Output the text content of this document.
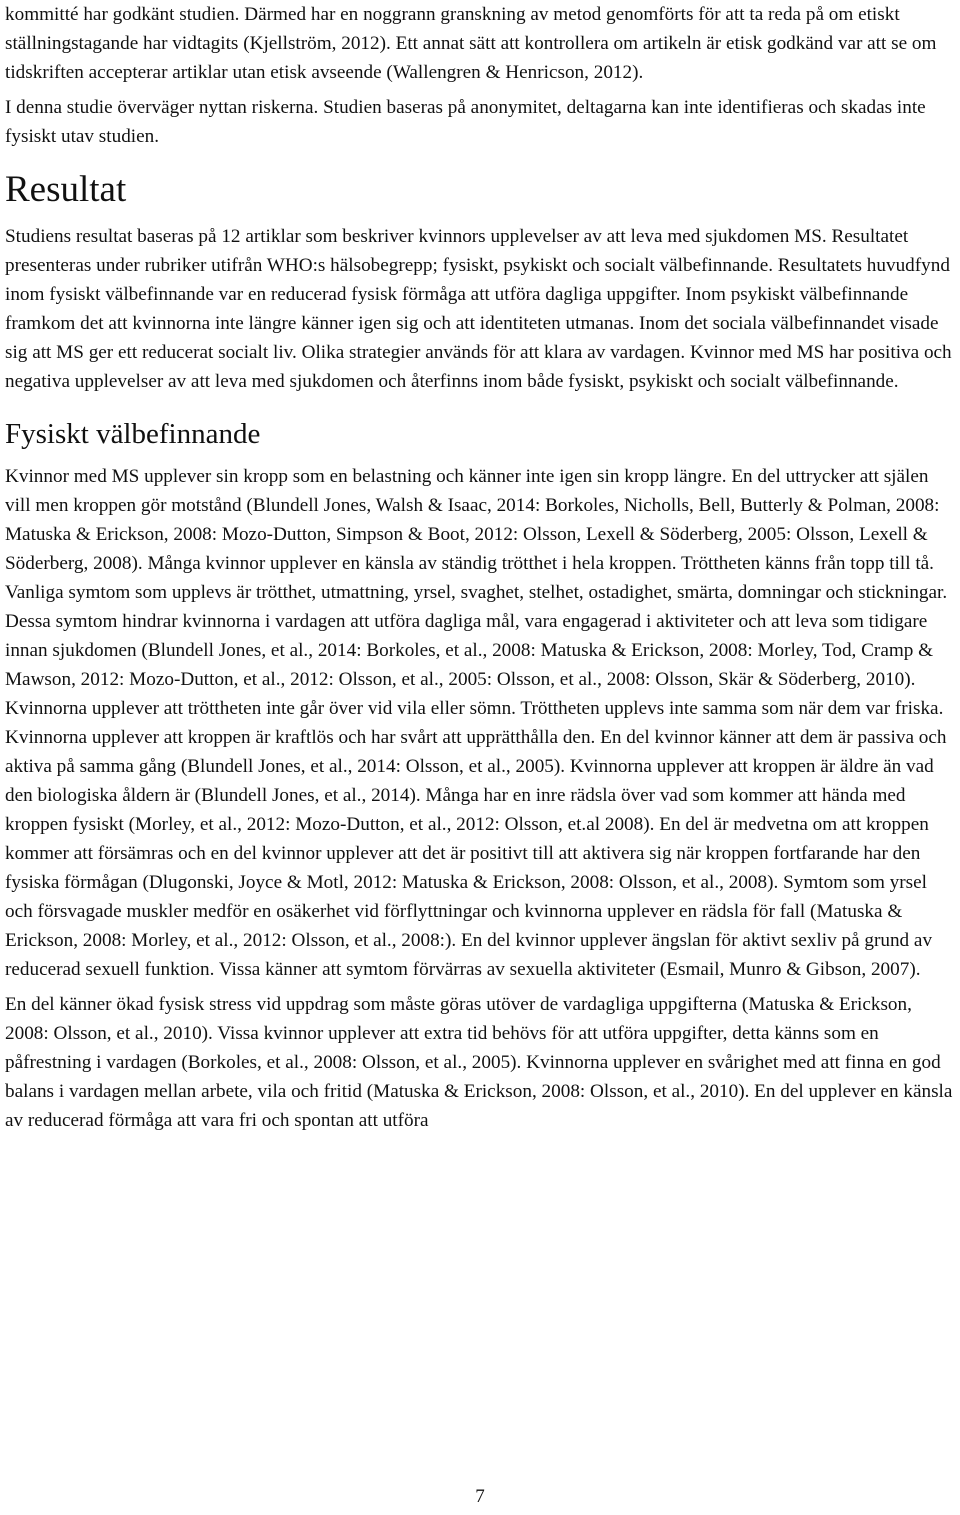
kommitté har godkänt studien. Därmed har en noggrann granskning av metod genomförts för att ta reda på om etiskt ställningstagande har vidtagits (Kjellström, 2012). Ett annat sätt att kontrollera om artikeln är etisk godkänd var att se om tidskriften accepterar artiklar utan etisk avseende (Wallengren & Henricson, 2012).

I denna studie överväger nyttan riskerna. Studien baseras på anonymitet, deltagarna kan inte identifieras och skadas inte fysiskt utav studien.

Resultat

Studiens resultat baseras på 12 artiklar som beskriver kvinnors upplevelser av att leva med sjukdomen MS. Resultatet presenteras under rubriker utifrån WHO:s hälsobegrepp; fysiskt, psykiskt och socialt välbefinnande. Resultatets huvudfynd inom fysiskt välbefinnande var en reducerad fysisk förmåga att utföra dagliga uppgifter. Inom psykiskt välbefinnande framkom det att kvinnorna inte längre känner igen sig och att identiteten utmanas. Inom det sociala välbefinnandet visade sig att MS ger ett reducerat socialt liv. Olika strategier används för att klara av vardagen. Kvinnor med MS har positiva och negativa upplevelser av att leva med sjukdomen och återfinns inom både fysiskt, psykiskt och socialt välbefinnande.

Fysiskt välbefinnande

Kvinnor med MS upplever sin kropp som en belastning och känner inte igen sin kropp längre. En del uttrycker att själen vill men kroppen gör motstånd (Blundell Jones, Walsh & Isaac, 2014: Borkoles, Nicholls, Bell, Butterly & Polman, 2008: Matuska & Erickson, 2008: Mozo-Dutton, Simpson & Boot, 2012: Olsson, Lexell & Söderberg, 2005: Olsson, Lexell & Söderberg, 2008). Många kvinnor upplever en känsla av ständig trötthet i hela kroppen. Tröttheten känns från topp till tå. Vanliga symtom som upplevs är trötthet, utmattning, yrsel, svaghet, stelhet, ostadighet, smärta, domningar och stickningar. Dessa symtom hindrar kvinnorna i vardagen att utföra dagliga mål, vara engagerad i aktiviteter och att leva som tidigare innan sjukdomen (Blundell Jones, et al., 2014: Borkoles, et al., 2008: Matuska & Erickson, 2008: Morley, Tod, Cramp & Mawson, 2012: Mozo-Dutton, et al., 2012: Olsson, et al., 2005: Olsson, et al., 2008: Olsson, Skär & Söderberg, 2010). Kvinnorna upplever att tröttheten inte går över vid vila eller sömn. Tröttheten upplevs inte samma som när dem var friska. Kvinnorna upplever att kroppen är kraftlös och har svårt att upprätthålla den. En del kvinnor känner att dem är passiva och aktiva på samma gång (Blundell Jones, et al., 2014: Olsson, et al., 2005). Kvinnorna upplever att kroppen är äldre än vad den biologiska åldern är (Blundell Jones, et al., 2014). Många har en inre rädsla över vad som kommer att hända med kroppen fysiskt (Morley, et al., 2012: Mozo-Dutton, et al., 2012: Olsson, et.al 2008). En del är medvetna om att kroppen kommer att försämras och en del kvinnor upplever att det är positivt till att aktivera sig när kroppen fortfarande har den fysiska förmågan (Dlugonski, Joyce & Motl, 2012: Matuska & Erickson, 2008: Olsson, et al., 2008). Symtom som yrsel och försvagade muskler medför en osäkerhet vid förflyttningar och kvinnorna upplever en rädsla för fall (Matuska & Erickson, 2008: Morley, et al., 2012: Olsson, et al., 2008:). En del kvinnor upplever ängslan för aktivt sexliv på grund av reducerad sexuell funktion. Vissa känner att symtom förvärras av sexuella aktiviteter (Esmail, Munro & Gibson, 2007).

En del känner ökad fysisk stress vid uppdrag som måste göras utöver de vardagliga uppgifterna (Matuska & Erickson, 2008: Olsson, et al., 2010). Vissa kvinnor upplever att extra tid behövs för att utföra uppgifter, detta känns som en påfrestning i vardagen (Borkoles, et al., 2008: Olsson, et al., 2005). Kvinnorna upplever en svårighet med att finna en god balans i vardagen mellan arbete, vila och fritid (Matuska & Erickson, 2008: Olsson, et al., 2010). En del upplever en känsla av reducerad förmåga att vara fri och spontan att utföra

7
